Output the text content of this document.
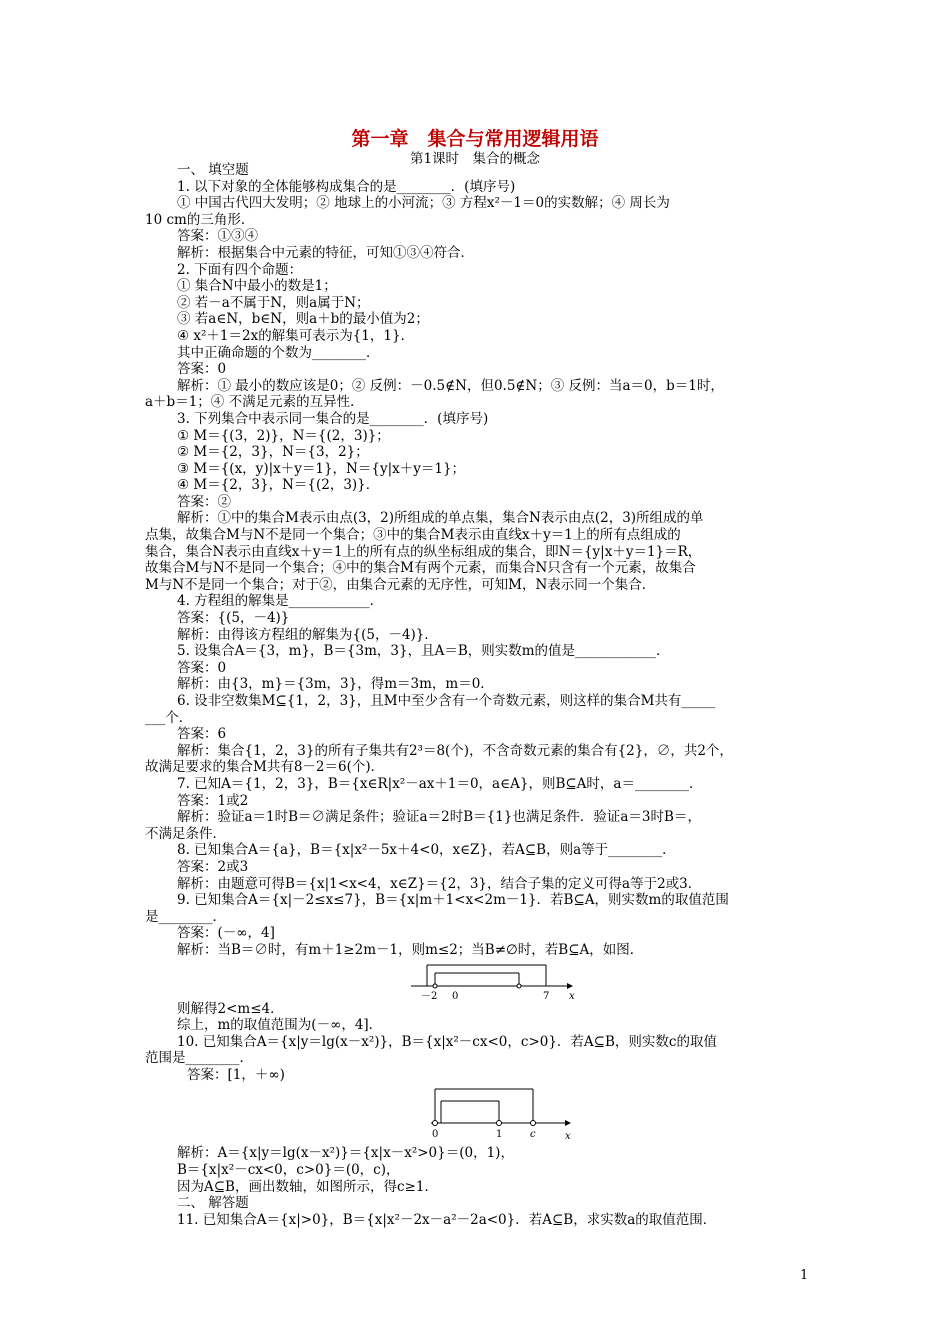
第一章　集合与常用逻辑用语
第1课时　集合的概念
一、 填空题
1. 以下对象的全体能够构成集合的是________．(填序号)
① 中国古代四大发明；② 地球上的小河流；③ 方程x²－1＝0的实数解；④ 周长为
10 cm的三角形．
答案：①③④
解析：根据集合中元素的特征，可知①③④符合．
2. 下面有四个命题：
① 集合N中最小的数是1；
② 若－a不属于N，则a属于N；
③ 若a∈N，b∈N，则a＋b的最小值为2；
④ x²＋1＝2x的解集可表示为{1，1}．
其中正确命题的个数为________．
答案：0
解析：① 最小的数应该是0；② 反例：－0.5∉N，但0.5∉N；③ 反例：当a＝0，b＝1时，
a＋b＝1；④ 不满足元素的互异性．
3. 下列集合中表示同一集合的是________．(填序号)
① M＝{(3，2)}，N＝{(2，3)}；
② M＝{2，3}，N＝{3，2}；
③ M＝{(x，y)|x＋y＝1}，N＝{y|x＋y＝1}；
④ M＝{2，3}，N＝{(2，3)}．
答案：②
解析：①中的集合M表示由点(3，2)所组成的单点集，集合N表示由点(2，3)所组成的单
点集，故集合M与N不是同一个集合；③中的集合M表示由直线x＋y＝1上的所有点组成的
集合，集合N表示由直线x＋y＝1上的所有点的纵坐标组成的集合，即N＝{y|x＋y＝1}＝R，
故集合M与N不是同一个集合；④中的集合M有两个元素，而集合N只含有一个元素，故集合
M与N不是同一个集合；对于②，由集合元素的无序性，可知M，N表示同一个集合．
4. 方程组的解集是____________．
答案：{(5，－4)}
解析：由得该方程组的解集为{(5，－4)}．
5. 设集合A＝{3，m}，B＝{3m，3}，且A＝B，则实数m的值是____________．
答案：0
解析：由{3，m}＝{3m，3}，得m＝3m，m＝0．
6. 设非空数集M⊆{1，2，3}，且M中至少含有一个奇数元素，则这样的集合M共有_____
___个．
答案：6
解析：集合{1，2，3}的所有子集共有2³＝8(个)，不含奇数元素的集合有{2}，∅，共2个，
故满足要求的集合M共有8－2＝6(个)．
7. 已知A＝{1，2，3}，B＝{x∈R|x²－ax＋1＝0，a∈A}，则B⊆A时，a＝________．
答案：1或2
解析：验证a＝1时B＝∅满足条件；验证a＝2时B＝{1}也满足条件．验证a＝3时B＝，
不满足条件．
8. 已知集合A＝{a}，B＝{x|x²－5x＋4<0，x∈Z}，若A⊆B，则a等于________．
答案：2或3
解析：由题意可得B＝{x|1<x<4，x∈Z}＝{2，3}，结合子集的定义可得a等于2或3．
9. 已知集合A＝{x|－2≤x≤7}，B＝{x|m＋1<x<2m－1}．若B⊆A，则实数m的取值范围
是________．
答案：(－∞，4]
解析：当B＝∅时，有m＋1≥2m－1，则m≤2；当B≠∅时，若B⊆A，如图．
－2 0	7 x
则解得2<m≤4．
综上，m的取值范围为(－∞，4]．
10. 已知集合A＝{x|y＝lg(x－x²)}，B＝{x|x²－cx<0，c>0}．若A⊆B，则实数c的取值
范围是________．
答案：[1，＋∞)
0	1	c	x
解析：A＝{x|y＝lg(x－x²)}＝{x|x－x²>0}＝(0，1)，
B＝{x|x²－cx<0，c>0}＝(0，c)，
因为A⊆B，画出数轴，如图所示，得c≥1．
二、 解答题
11. 已知集合A＝{x|>0}，B＝{x|x²－2x－a²－2a<0}．若A⊆B，求实数a的取值范围．
1
